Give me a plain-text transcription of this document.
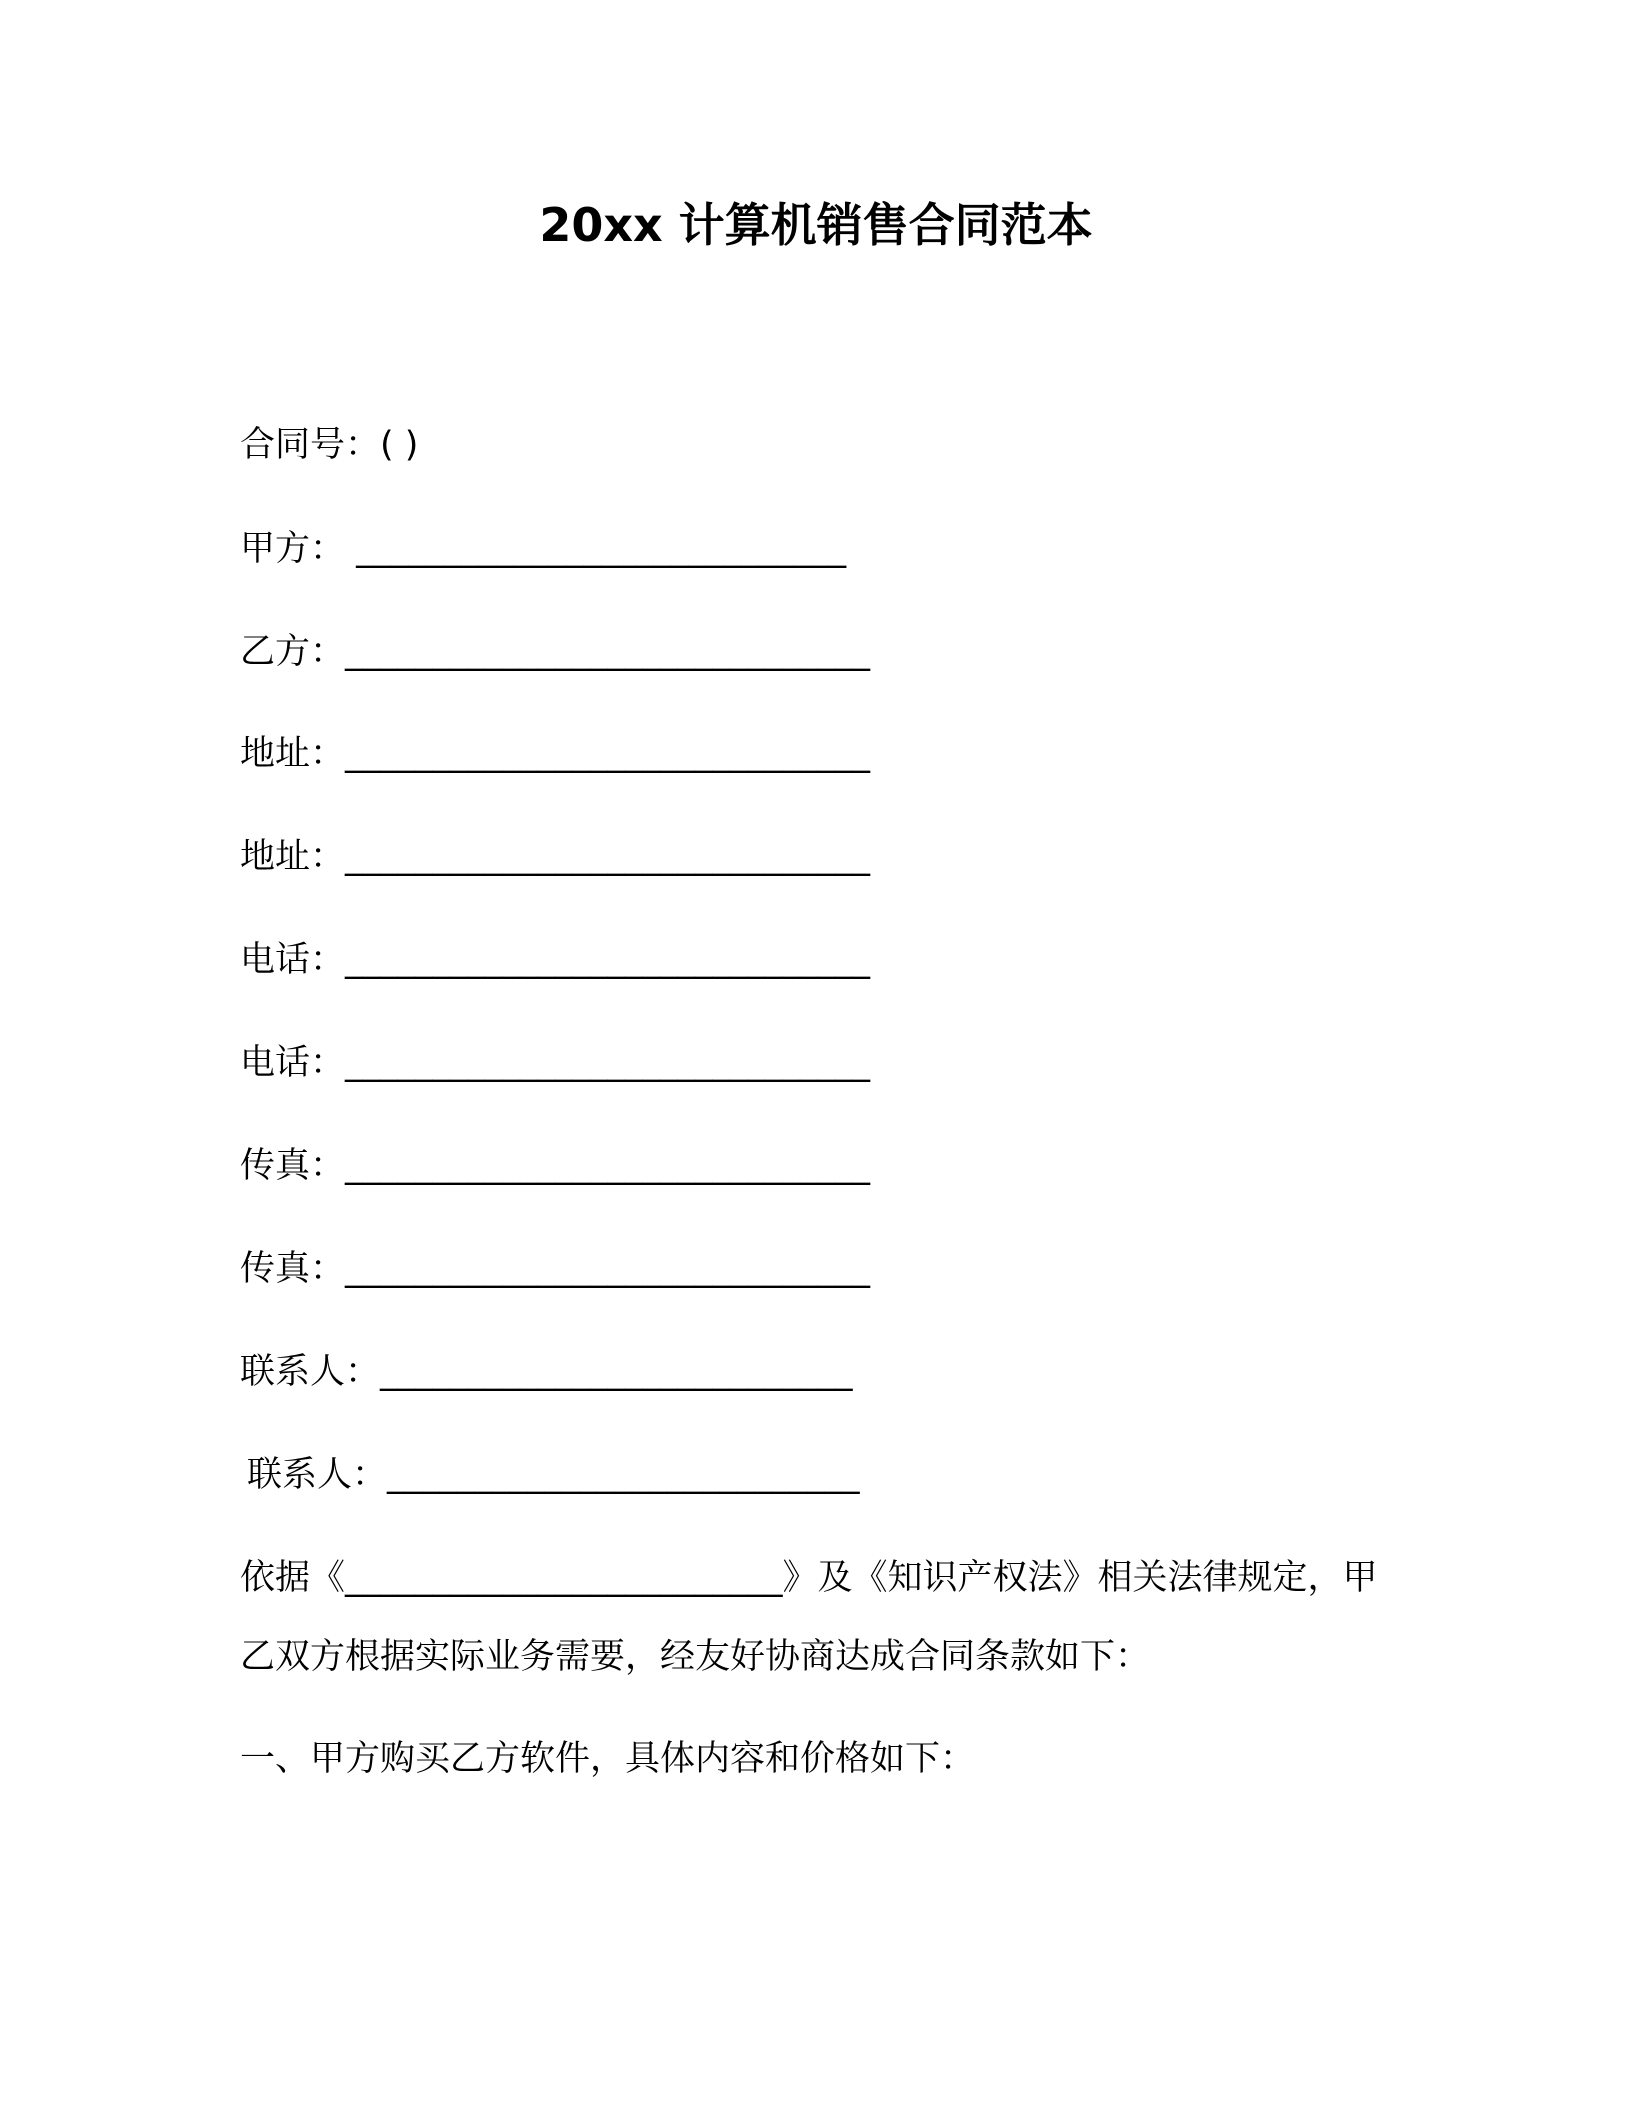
20xx 计算机销售合同范本
合同号：( )
甲方： ____________________________
乙方：______________________________
地址：______________________________
地址：______________________________
电话：______________________________
电话：______________________________
传真：______________________________
传真：______________________________
联系人：___________________________
联系人：___________________________
依据《_________________________》及《知识产权法》相关法律规定，甲
乙双方根据实际业务需要，经友好协商达成合同条款如下：
一、甲方购买乙方软件，具体内容和价格如下：
